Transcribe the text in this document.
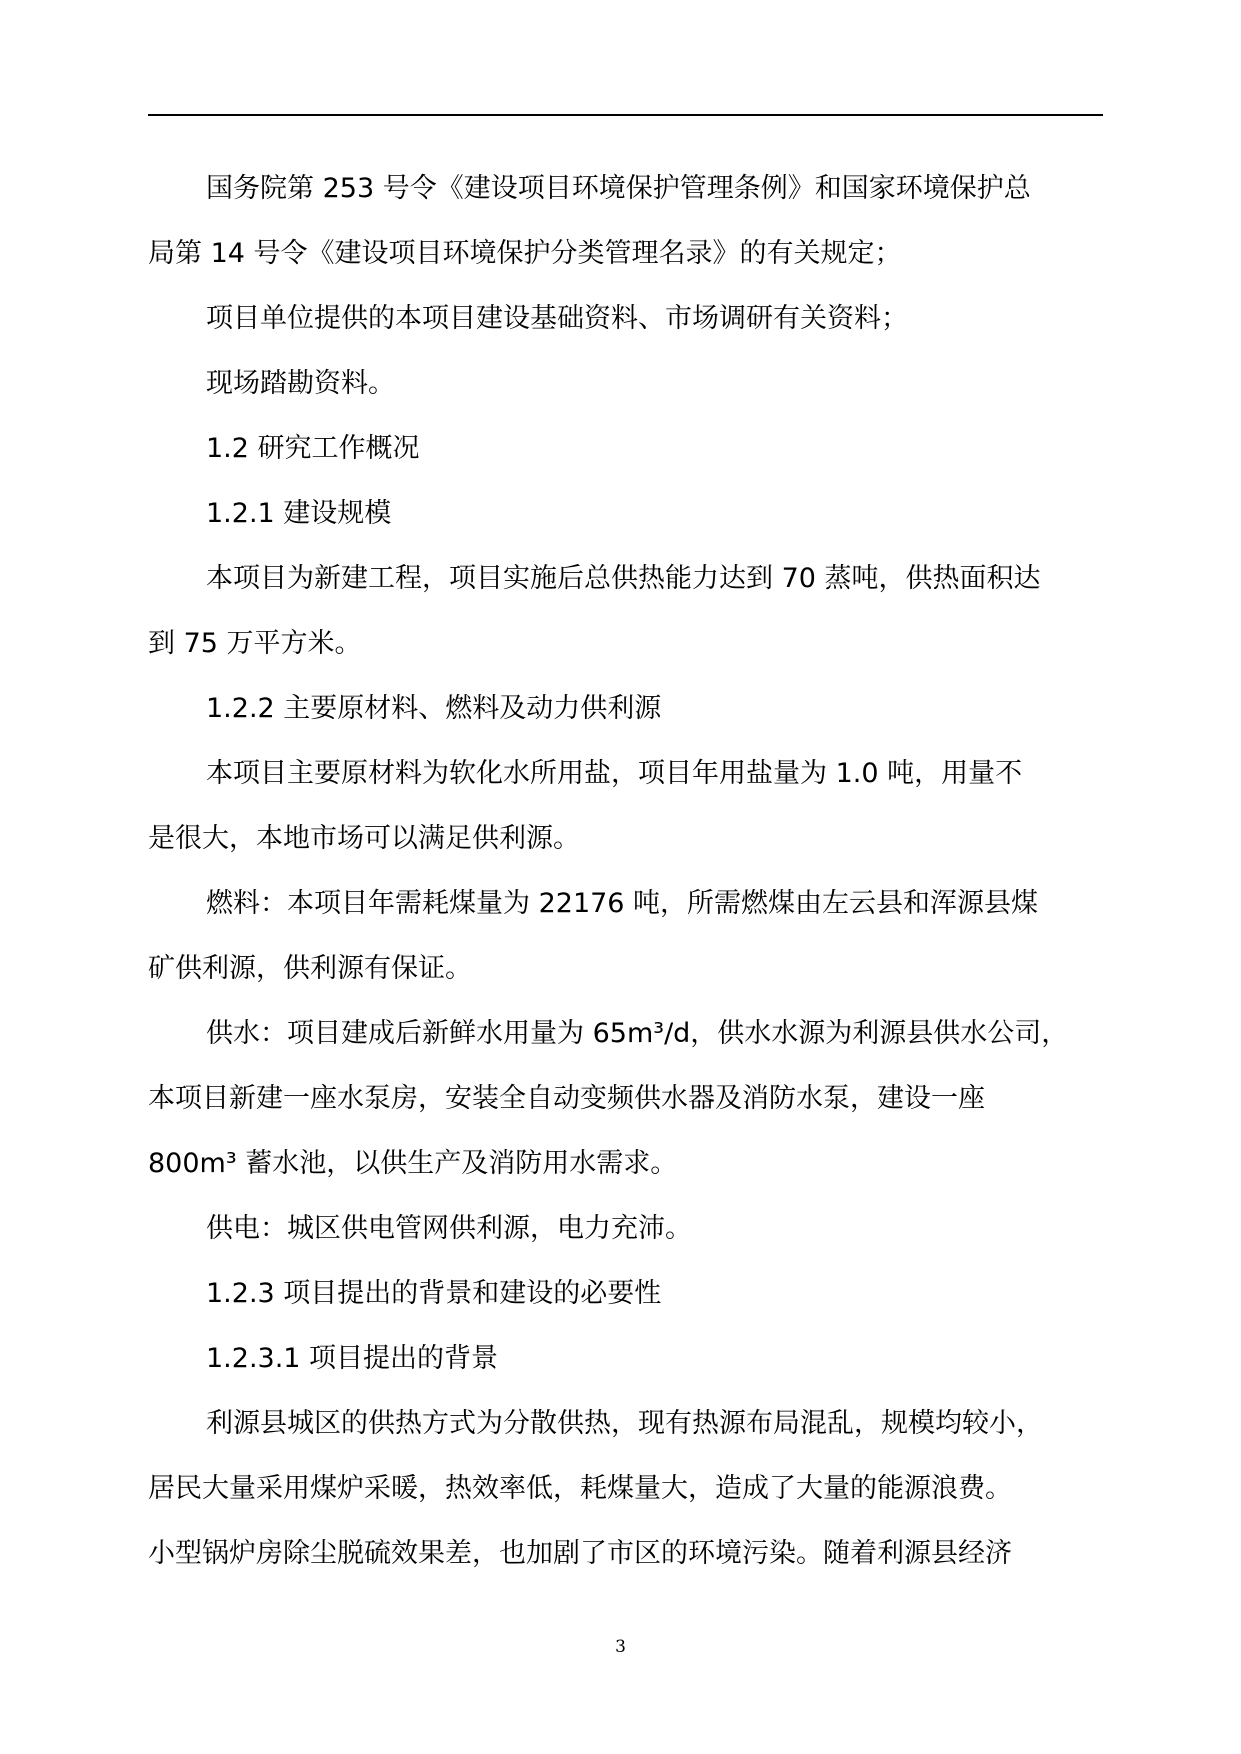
国务院第 253 号令《建设项目环境保护管理条例》和国家环境保护总
局第 14 号令《建设项目环境保护分类管理名录》的有关规定；
项目单位提供的本项目建设基础资料、市场调研有关资料；
现场踏勘资料。
1.2 研究工作概况
1.2.1 建设规模
本项目为新建工程，项目实施后总供热能力达到 70 蒸吨，供热面积达
到 75 万平方米。
1.2.2 主要原材料、燃料及动力供利源
本项目主要原材料为软化水所用盐，项目年用盐量为 1.0 吨，用量不
是很大，本地市场可以满足供利源。
燃料：本项目年需耗煤量为 22176 吨，所需燃煤由左云县和浑源县煤
矿供利源，供利源有保证。
供水：项目建成后新鲜水用量为 65m³/d，供水水源为利源县供水公司，
本项目新建一座水泵房，安装全自动变频供水器及消防水泵，建设一座
800m³ 蓄水池，以供生产及消防用水需求。
供电：城区供电管网供利源，电力充沛。
1.2.3 项目提出的背景和建设的必要性
1.2.3.1 项目提出的背景
利源县城区的供热方式为分散供热，现有热源布局混乱，规模均较小，
居民大量采用煤炉采暖，热效率低，耗煤量大，造成了大量的能源浪费。
小型锅炉房除尘脱硫效果差，也加剧了市区的环境污染。随着利源县经济
3
